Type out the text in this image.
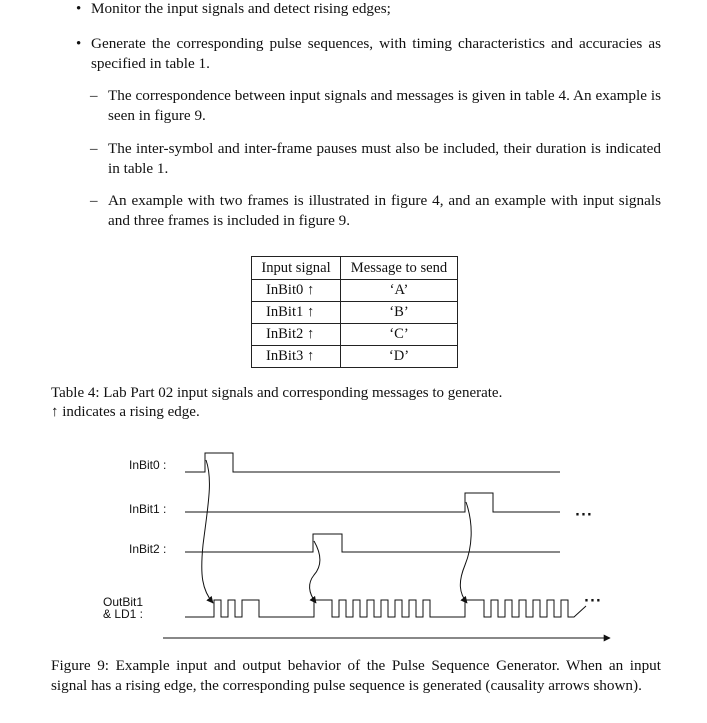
• Monitor the input signals and detect rising edges;

• Generate the corresponding pulse sequences, with timing characteristics and accuracies as specified in table 1.

– The correspondence between input signals and messages is given in table 4. An example is seen in figure 9.

– The inter-symbol and inter-frame pauses must also be included, their duration is indicated in table 1.

– An example with two frames is illustrated in figure 4, and an example with input signals and three frames is included in figure 9.

Input signal	Message to send
InBit0 ↑	‘A’
InBit1 ↑	‘B’
InBit2 ↑	‘C’
InBit3 ↑	‘D’
Table 4: Lab Part 02 input signals and corresponding messages to generate.
↑ indicates a rising edge.
InBit0 :
InBit1 :
InBit2 :
OutBit1
& LD1 :
···
···

Figure 9: Example input and output behavior of the Pulse Sequence Generator. When an input signal has a rising edge, the corresponding pulse sequence is generated (causality arrows shown).
